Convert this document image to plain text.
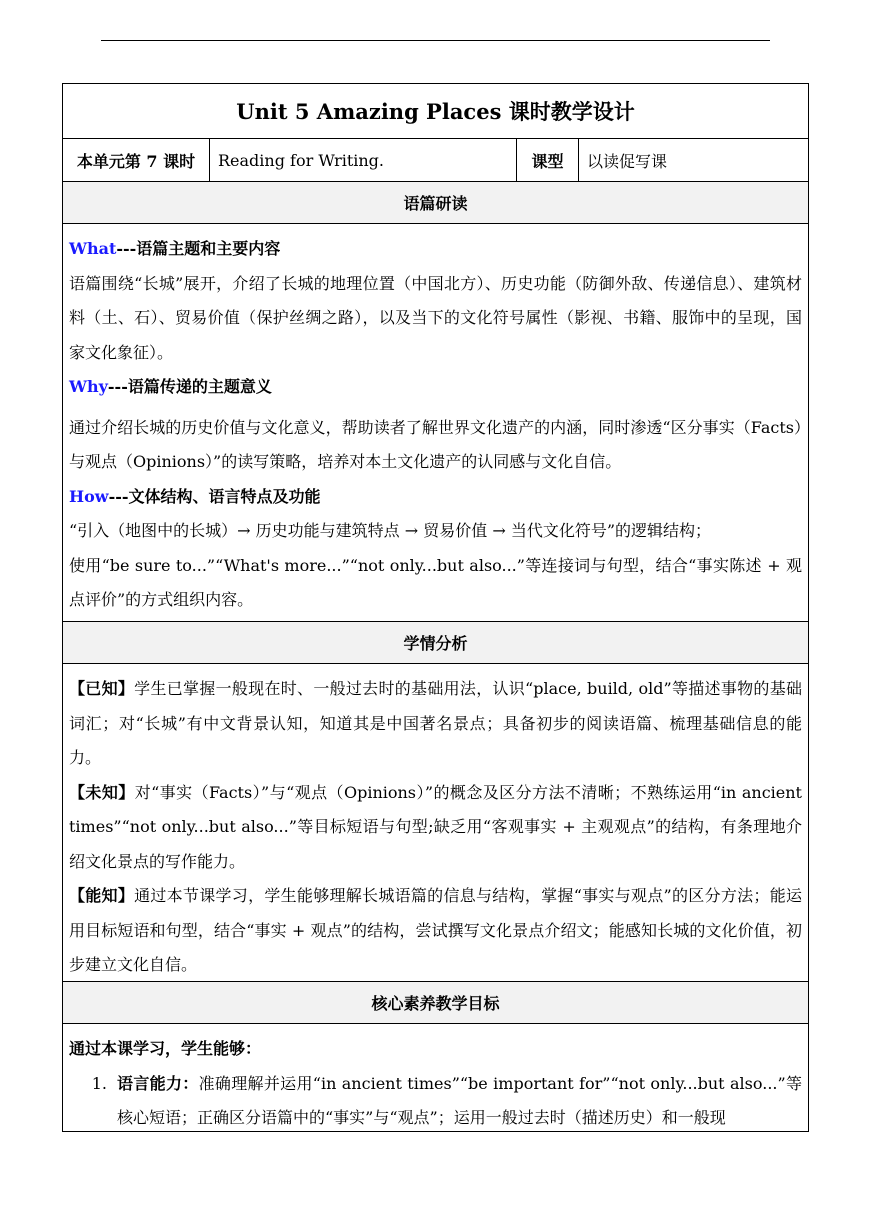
Unit 5 Amazing Places 课时教学设计
本单元第 7 课时	Reading for Writing.	课型	以读促写课
语篇研读

What---语篇主题和主要内容

语篇围绕“长城”展开，介绍了长城的地理位置（中国北方）、历史功能（防御外敌、传递信息）、建筑材料（土、石）、贸易价值（保护丝绸之路），以及当下的文化符号属性（影视、书籍、服饰中的呈现，国家文化象征）。

Why---语篇传递的主题意义

通过介绍长城的历史价值与文化意义，帮助读者了解世界文化遗产的内涵，同时渗透“区分事实（Facts）与观点（Opinions）”的读写策略，培养对本土文化遗产的认同感与文化自信。

How---文体结构、语言特点及功能

“引入（地图中的长城）→ 历史功能与建筑特点 → 贸易价值 → 当代文化符号”的逻辑结构；

使用“be sure to...”“What's more...”“not only...but also...”等连接词与句型，结合“事实陈述 + 观点评价”的方式组织内容。

学情分析

【已知】学生已掌握一般现在时、一般过去时的基础用法，认识“place, build, old”等描述事物的基础词汇；对“长城”有中文背景认知，知道其是中国著名景点；具备初步的阅读语篇、梳理基础信息的能力。

【未知】对“事实（Facts）”与“观点（Opinions）”的概念及区分方法不清晰；不熟练运用“in ancient times”“not only...but also...”等目标短语与句型;缺乏用“客观事实 + 主观观点”的结构，有条理地介绍文化景点的写作能力。

【能知】通过本节课学习，学生能够理解长城语篇的信息与结构，掌握“事实与观点”的区分方法；能运用目标短语和句型，结合“事实 + 观点”的结构，尝试撰写文化景点介绍文；能感知长城的文化价值，初步建立文化自信。

核心素养教学目标

通过本课学习，学生能够：

1. 语言能力：准确理解并运用“in ancient times”“be important for”“not only...but also...”等核心短语；正确区分语篇中的“事实”与“观点”；运用一般过去时（描述历史）和一般现
